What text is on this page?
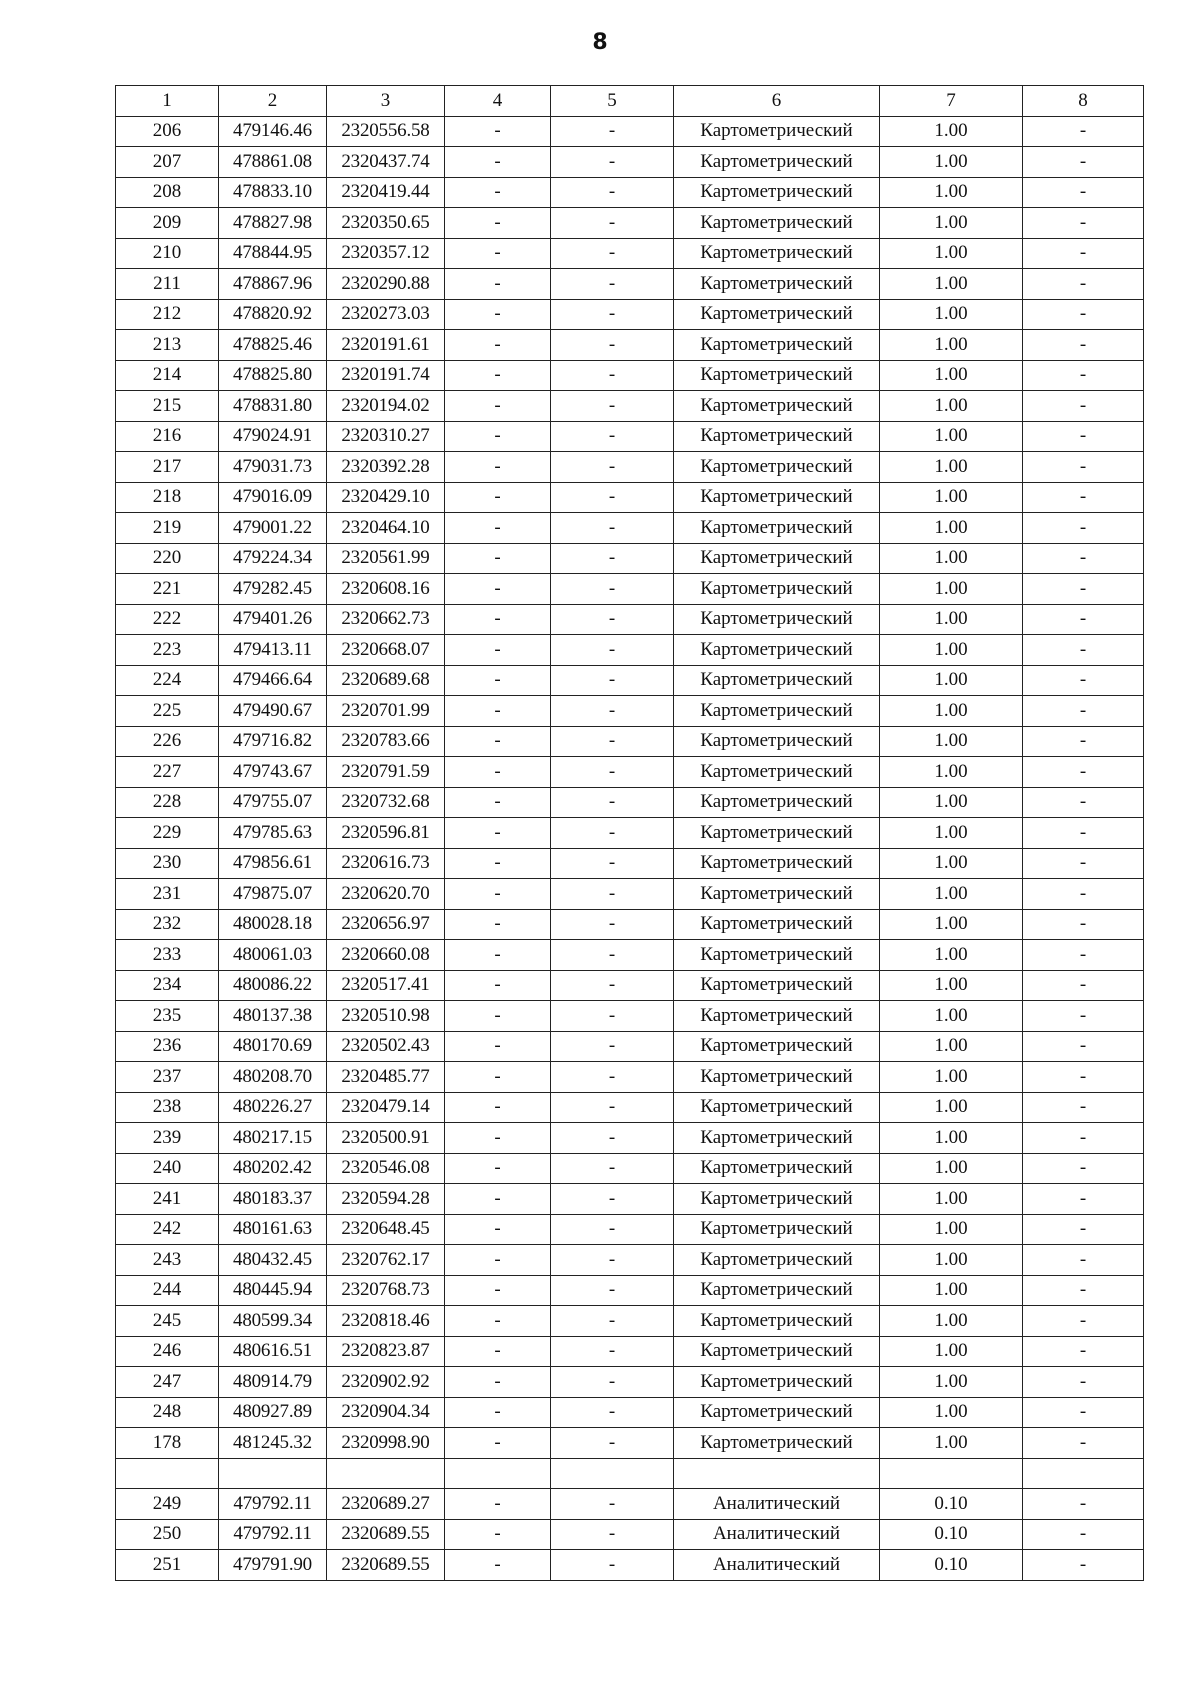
8
1	2	3	4	5	6	7	8
206	479146.46	2320556.58	-	-	Картометрический	1.00	-
207	478861.08	2320437.74	-	-	Картометрический	1.00	-
208	478833.10	2320419.44	-	-	Картометрический	1.00	-
209	478827.98	2320350.65	-	-	Картометрический	1.00	-
210	478844.95	2320357.12	-	-	Картометрический	1.00	-
211	478867.96	2320290.88	-	-	Картометрический	1.00	-
212	478820.92	2320273.03	-	-	Картометрический	1.00	-
213	478825.46	2320191.61	-	-	Картометрический	1.00	-
214	478825.80	2320191.74	-	-	Картометрический	1.00	-
215	478831.80	2320194.02	-	-	Картометрический	1.00	-
216	479024.91	2320310.27	-	-	Картометрический	1.00	-
217	479031.73	2320392.28	-	-	Картометрический	1.00	-
218	479016.09	2320429.10	-	-	Картометрический	1.00	-
219	479001.22	2320464.10	-	-	Картометрический	1.00	-
220	479224.34	2320561.99	-	-	Картометрический	1.00	-
221	479282.45	2320608.16	-	-	Картометрический	1.00	-
222	479401.26	2320662.73	-	-	Картометрический	1.00	-
223	479413.11	2320668.07	-	-	Картометрический	1.00	-
224	479466.64	2320689.68	-	-	Картометрический	1.00	-
225	479490.67	2320701.99	-	-	Картометрический	1.00	-
226	479716.82	2320783.66	-	-	Картометрический	1.00	-
227	479743.67	2320791.59	-	-	Картометрический	1.00	-
228	479755.07	2320732.68	-	-	Картометрический	1.00	-
229	479785.63	2320596.81	-	-	Картометрический	1.00	-
230	479856.61	2320616.73	-	-	Картометрический	1.00	-
231	479875.07	2320620.70	-	-	Картометрический	1.00	-
232	480028.18	2320656.97	-	-	Картометрический	1.00	-
233	480061.03	2320660.08	-	-	Картометрический	1.00	-
234	480086.22	2320517.41	-	-	Картометрический	1.00	-
235	480137.38	2320510.98	-	-	Картометрический	1.00	-
236	480170.69	2320502.43	-	-	Картометрический	1.00	-
237	480208.70	2320485.77	-	-	Картометрический	1.00	-
238	480226.27	2320479.14	-	-	Картометрический	1.00	-
239	480217.15	2320500.91	-	-	Картометрический	1.00	-
240	480202.42	2320546.08	-	-	Картометрический	1.00	-
241	480183.37	2320594.28	-	-	Картометрический	1.00	-
242	480161.63	2320648.45	-	-	Картометрический	1.00	-
243	480432.45	2320762.17	-	-	Картометрический	1.00	-
244	480445.94	2320768.73	-	-	Картометрический	1.00	-
245	480599.34	2320818.46	-	-	Картометрический	1.00	-
246	480616.51	2320823.87	-	-	Картометрический	1.00	-
247	480914.79	2320902.92	-	-	Картометрический	1.00	-
248	480927.89	2320904.34	-	-	Картометрический	1.00	-
178	481245.32	2320998.90	-	-	Картометрический	1.00	-

249	479792.11	2320689.27	-	-	Аналитический	0.10	-
250	479792.11	2320689.55	-	-	Аналитический	0.10	-
251	479791.90	2320689.55	-	-	Аналитический	0.10	-
